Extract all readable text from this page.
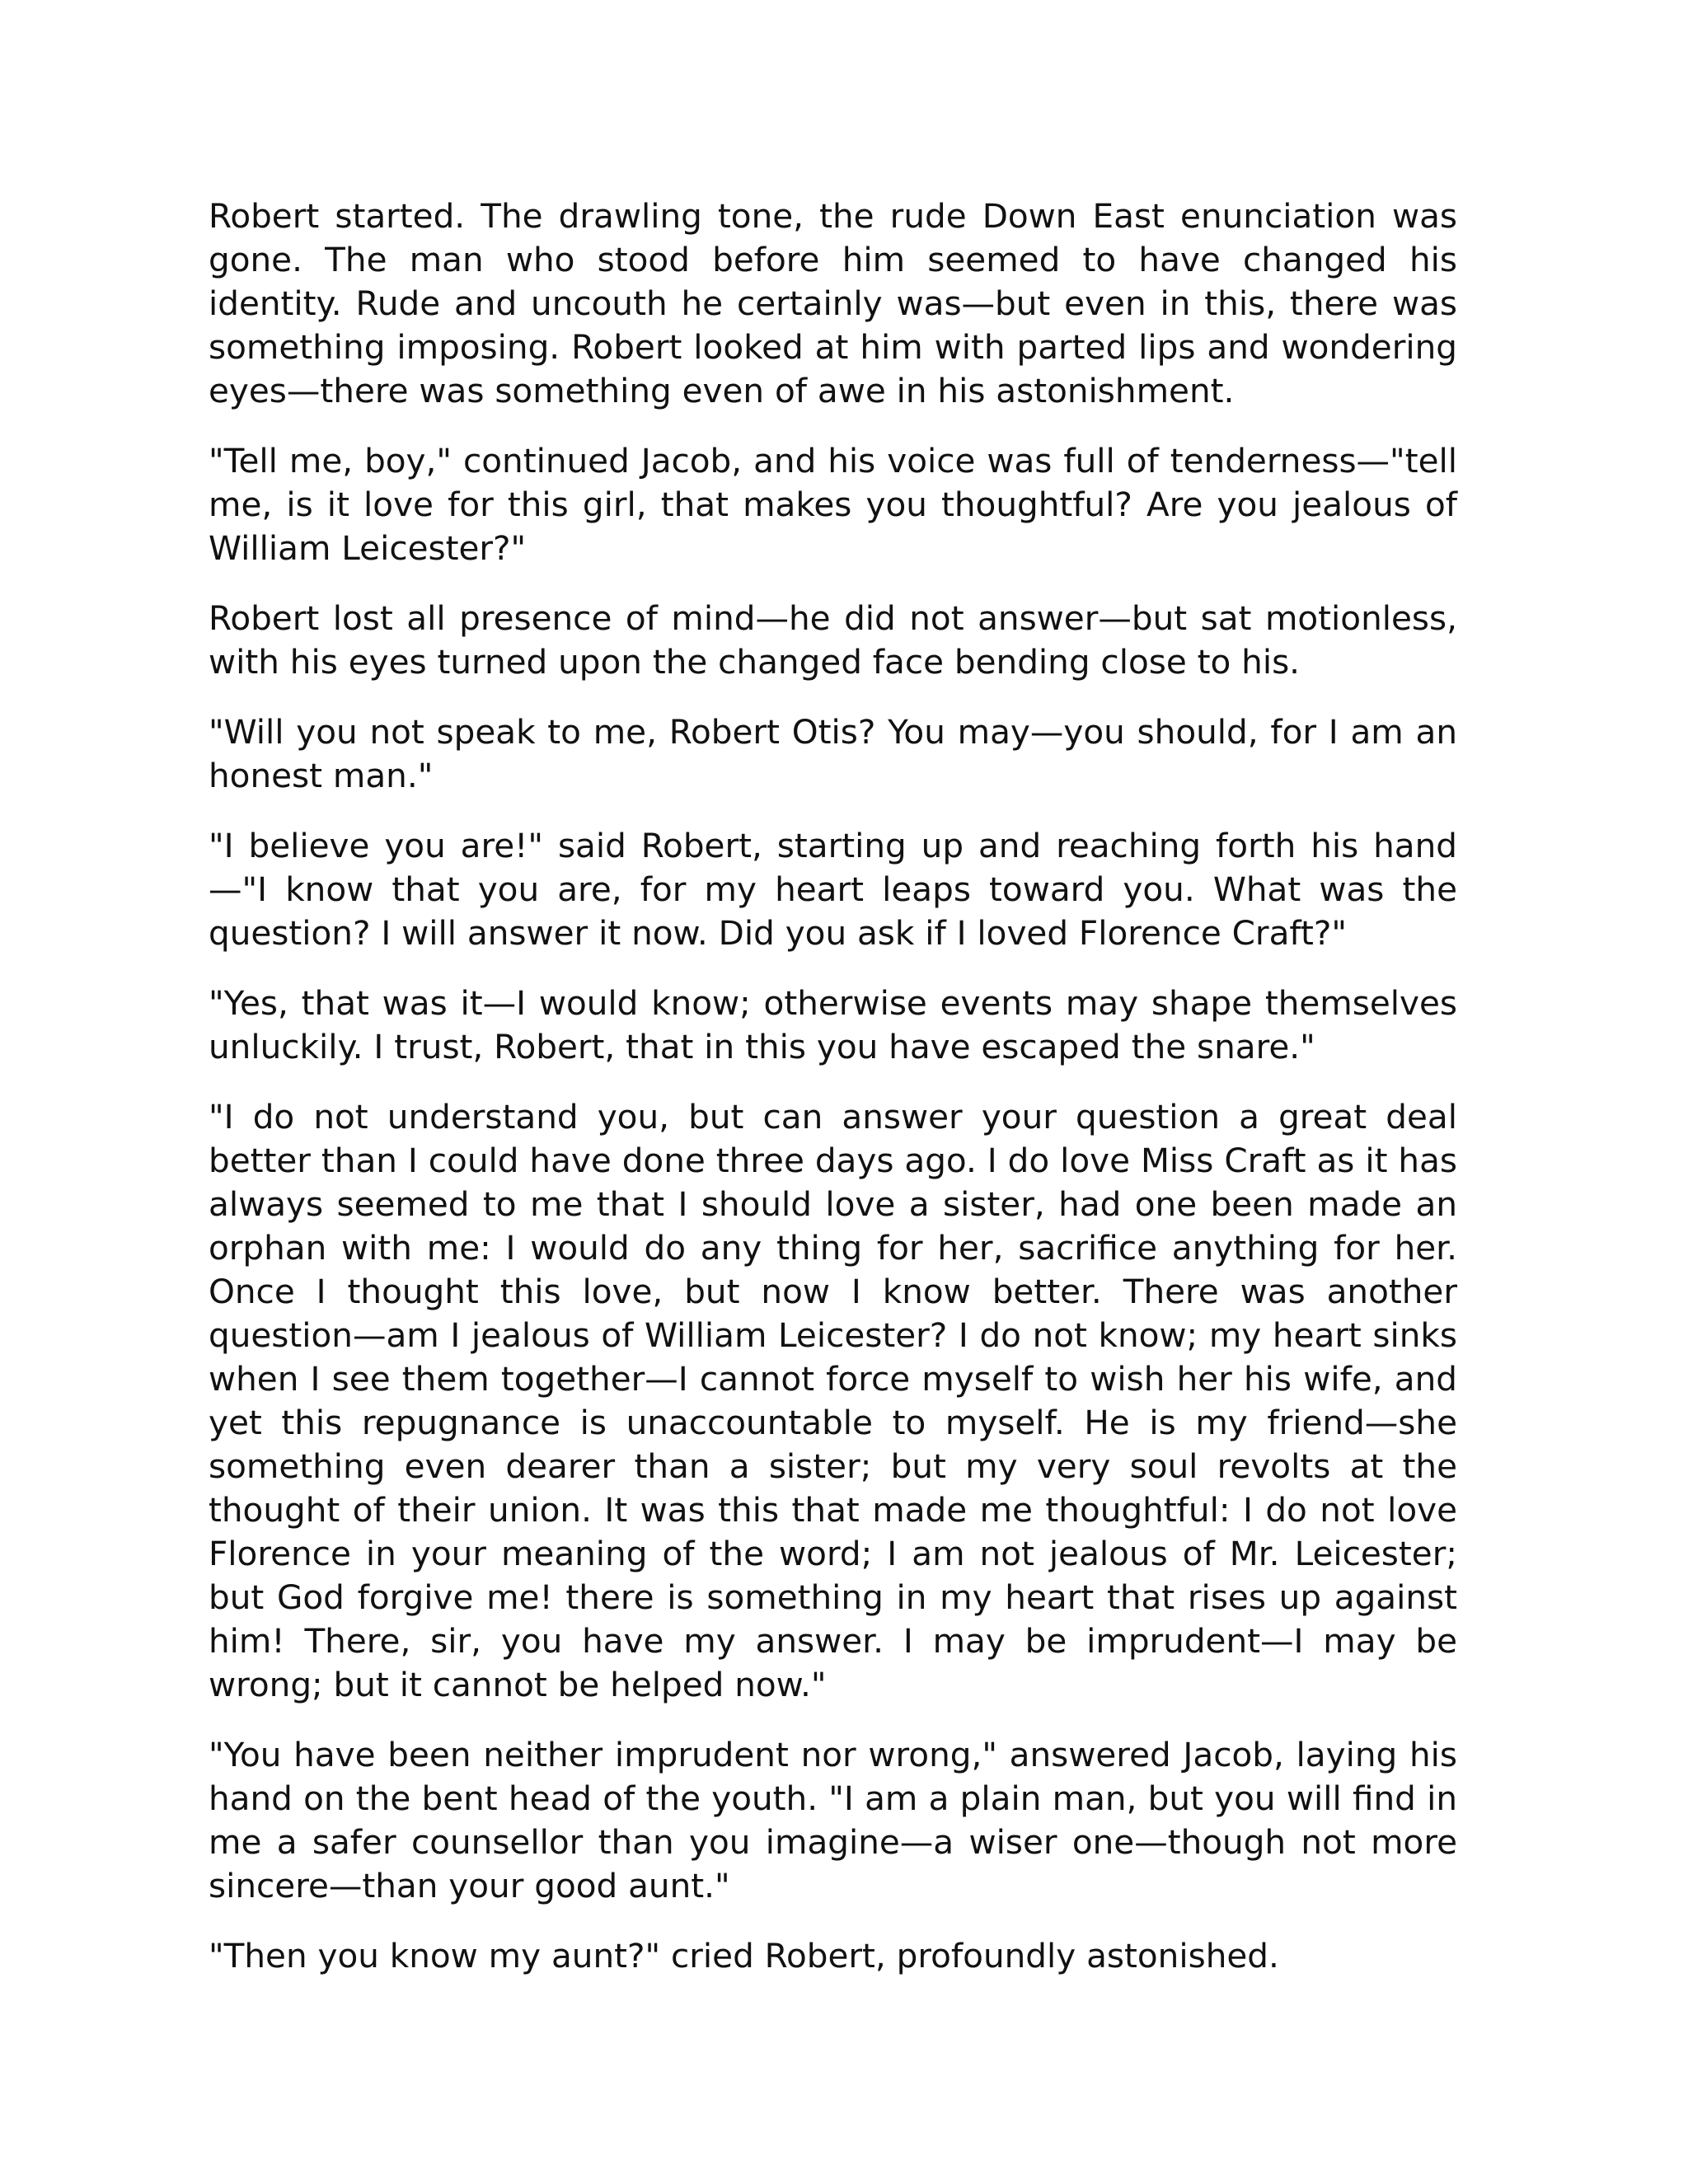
Robert started. The drawling tone, the rude Down East enunciation was gone. The man who stood before him seemed to have changed his identity. Rude and uncouth he certainly was—but even in this, there was something imposing. Robert looked at him with parted lips and wondering eyes—there was something even of awe in his astonishment.

"Tell me, boy," continued Jacob, and his voice was full of tenderness—"tell me, is it love for this girl, that makes you thoughtful? Are you jealous of William Leicester?"

Robert lost all presence of mind—he did not answer—but sat motionless, with his eyes turned upon the changed face bending close to his.

"Will you not speak to me, Robert Otis? You may—you should, for I am an honest man."

"I believe you are!" said Robert, starting up and reaching forth his hand—"I know that you are, for my heart leaps toward you. What was the question? I will answer it now. Did you ask if I loved Florence Craft?"

"Yes, that was it—I would know; otherwise events may shape themselves unluckily. I trust, Robert, that in this you have escaped the snare."

"I do not understand you, but can answer your question a great deal better than I could have done three days ago. I do love Miss Craft as it has always seemed to me that I should love a sister, had one been made an orphan with me: I would do any thing for her, sacrifice anything for her. Once I thought this love, but now I know better. There was another question—am I jealous of William Leicester? I do not know; my heart sinks when I see them together—I cannot force myself to wish her his wife, and yet this repugnance is unaccountable to myself. He is my friend—she something even dearer than a sister; but my very soul revolts at the thought of their union. It was this that made me thoughtful: I do not love Florence in your meaning of the word; I am not jealous of Mr. Leicester; but God forgive me! there is something in my heart that rises up against him! There, sir, you have my answer. I may be imprudent—I may be wrong; but it cannot be helped now."

"You have been neither imprudent nor wrong," answered Jacob, laying his hand on the bent head of the youth. "I am a plain man, but you will find in me a safer counsellor than you imagine—a wiser one—though not more sincere—than your good aunt."

"Then you know my aunt?" cried Robert, profoundly astonished.
